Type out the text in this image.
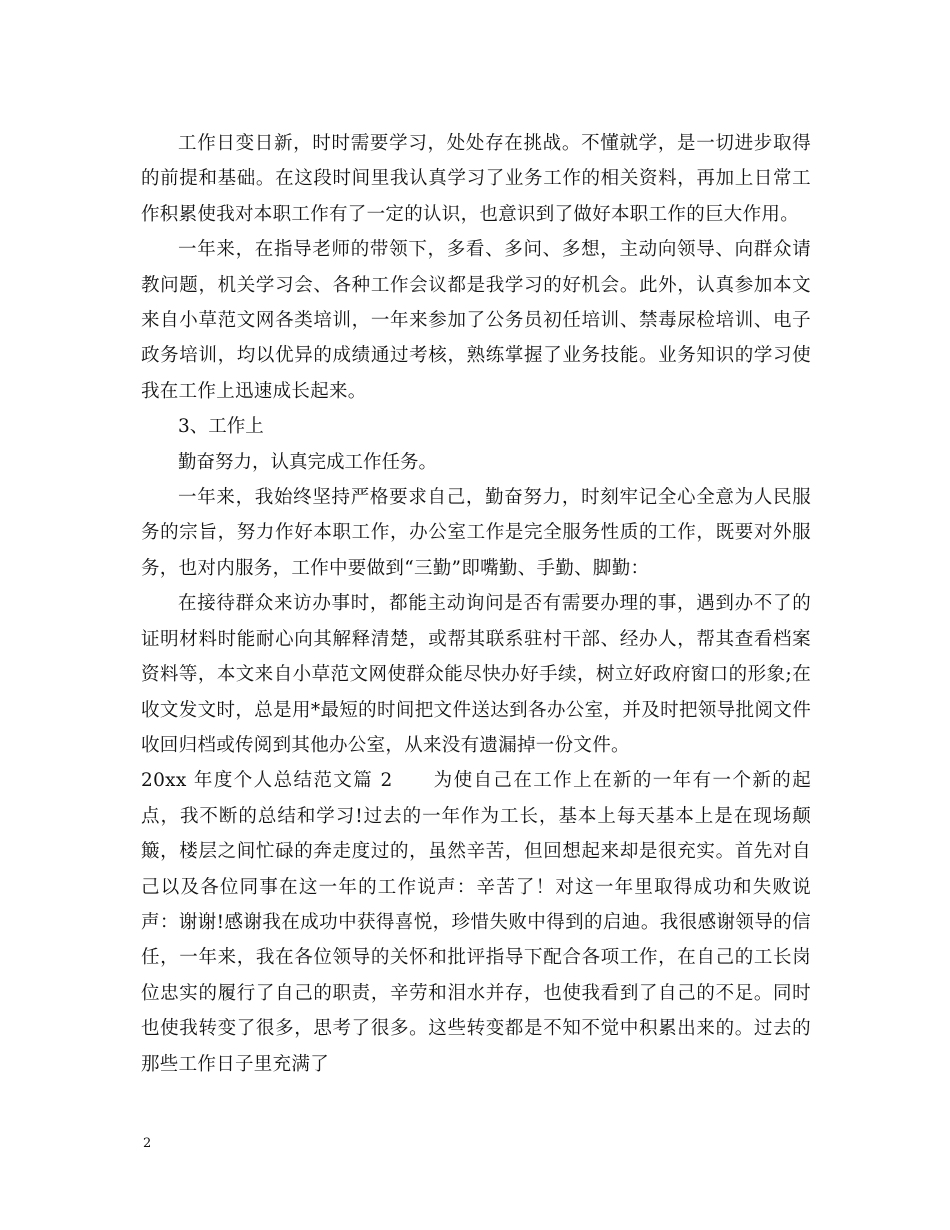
工作日变日新，时时需要学习，处处存在挑战。不懂就学，是一切进步取得的前提和基础。在这段时间里我认真学习了业务工作的相关资料，再加上日常工作积累使我对本职工作有了一定的认识，也意识到了做好本职工作的巨大作用。

一年来，在指导老师的带领下，多看、多问、多想，主动向领导、向群众请教问题，机关学习会、各种工作会议都是我学习的好机会。此外，认真参加本文来自小草范文网各类培训，一年来参加了公务员初任培训、禁毒尿检培训、电子政务培训，均以优异的成绩通过考核，熟练掌握了业务技能。业务知识的学习使我在工作上迅速成长起来。

3、工作上

勤奋努力，认真完成工作任务。

一年来，我始终坚持严格要求自己，勤奋努力，时刻牢记全心全意为人民服务的宗旨，努力作好本职工作，办公室工作是完全服务性质的工作，既要对外服务，也对内服务，工作中要做到“三勤”即嘴勤、手勤、脚勤：

在接待群众来访办事时，都能主动询问是否有需要办理的事，遇到办不了的证明材料时能耐心向其解释清楚，或帮其联系驻村干部、经办人，帮其查看档案资料等，本文来自小草范文网使群众能尽快办好手续，树立好政府窗口的形象;在收文发文时，总是用*最短的时间把文件送达到各办公室，并及时把领导批阅文件收回归档或传阅到其他办公室，从来没有遗漏掉一份文件。

20xx 年度个人总结范文篇 2 为使自己在工作上在新的一年有一个新的起点，我不断的总结和学习!过去的一年作为工长，基本上每天基本上是在现场颠簸，楼层之间忙碌的奔走度过的，虽然辛苦，但回想起来却是很充实。首先对自己以及各位同事在这一年的工作说声：辛苦了！对这一年里取得成功和失败说声：谢谢!感谢我在成功中获得喜悦，珍惜失败中得到的启迪。我很感谢领导的信任，一年来，我在各位领导的关怀和批评指导下配合各项工作，在自己的工长岗位忠实的履行了自己的职责，辛劳和泪水并存，也使我看到了自己的不足。同时也使我转变了很多，思考了很多。这些转变都是不知不觉中积累出来的。过去的那些工作日子里充满了

2
